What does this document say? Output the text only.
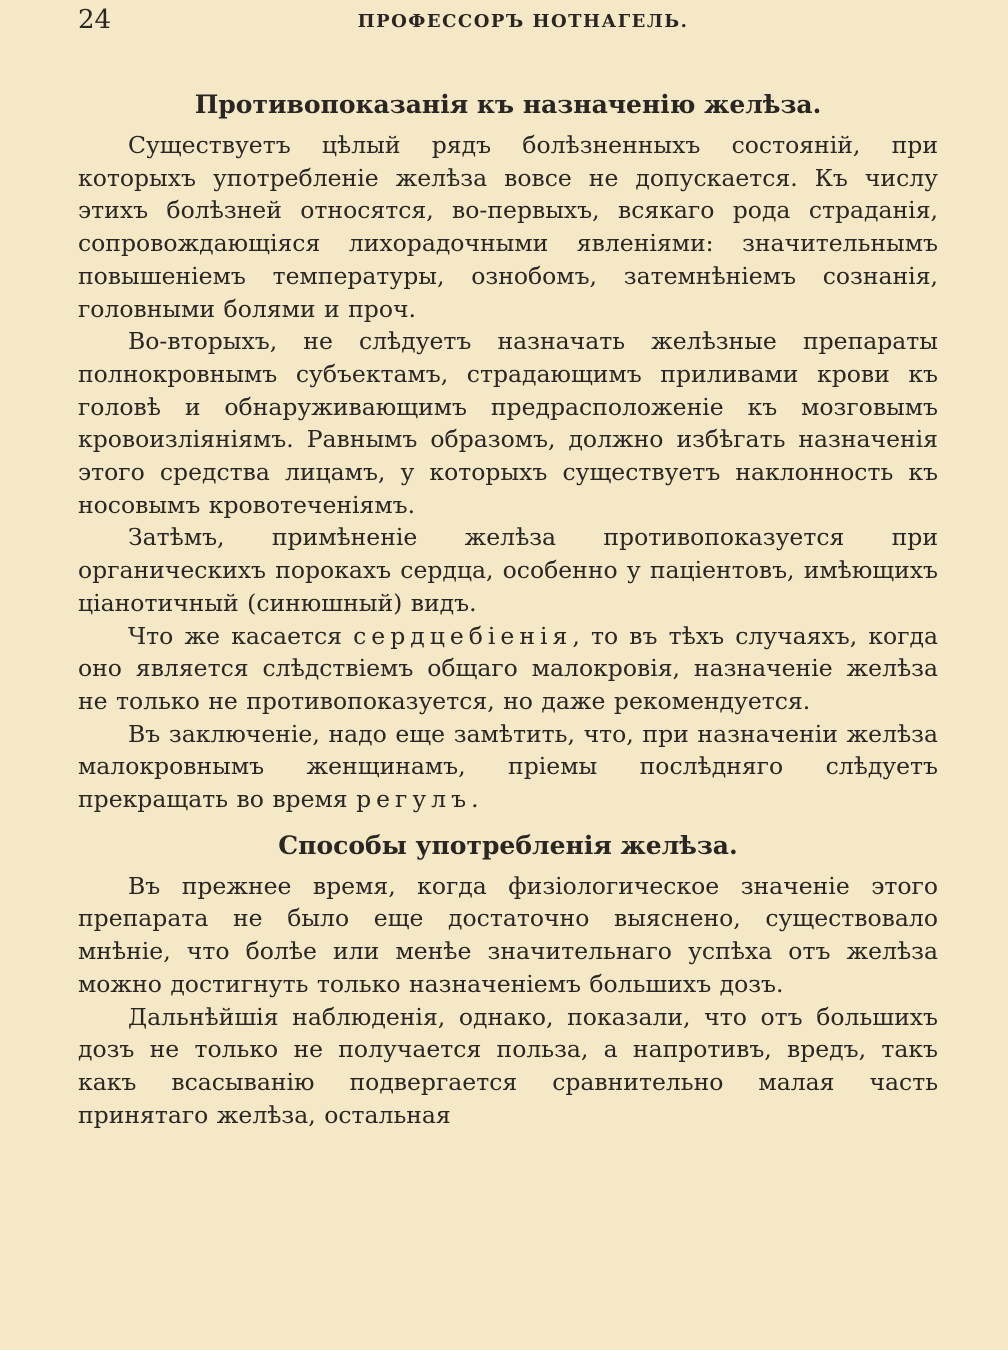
24	ПРОФЕССОРЪ НОТНАГЕЛЬ.
Противопоказанія къ назначенію желѣза.

Существуетъ цѣлый рядъ болѣзненныхъ состояній, при которыхъ употребленіе желѣза вовсе не допускается. Къ числу этихъ болѣзней относятся, во-первыхъ, всякаго рода страданія, сопровождающіяся лихорадочными явленіями: значительнымъ повышеніемъ температуры, ознобомъ, затемнѣніемъ сознанія, головными болями и проч.

Во-вторыхъ, не слѣдуетъ назначать желѣзные препараты полнокровнымъ субъектамъ, страдающимъ приливами крови къ головѣ и обнаруживающимъ предрасположеніе къ мозговымъ кровоизліяніямъ. Равнымъ образомъ, должно избѣгать назначенія этого средства лицамъ, у которыхъ существуетъ наклонность къ носовымъ кровотеченіямъ.

Затѣмъ, примѣненіе желѣза противопоказуется при органическихъ порокахъ сердца, особенно у паціентовъ, имѣющихъ ціанотичный (синюшный) видъ.

Что же касается сердцебіенія, то въ тѣхъ случаяхъ, когда оно является слѣдствіемъ общаго малокровія, назначеніе желѣза не только не противопоказуется, но даже рекомендуется.

Въ заключеніе, надо еще замѣтить, что, при назначеніи желѣза малокровнымъ женщинамъ, пріемы послѣдняго слѣдуетъ прекращать во время регулъ.

Способы употребленія желѣза.

Въ прежнее время, когда физіологическое значеніе этого препарата не было еще достаточно выяснено, существовало мнѣніе, что болѣе или менѣе значительнаго успѣха отъ желѣза можно достигнуть только назначеніемъ большихъ дозъ.

Дальнѣйшія наблюденія, однако, показали, что отъ большихъ дозъ не только не получается польза, а напротивъ, вредъ, такъ какъ всасыванію подвергается сравнительно малая часть принятаго желѣза, остальная
